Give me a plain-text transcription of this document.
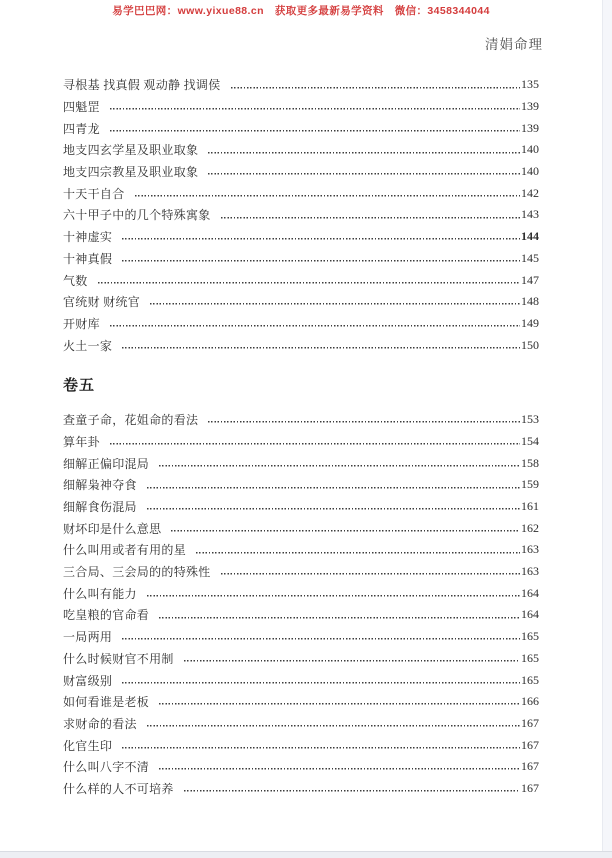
易学巴巴网：www.yixue88.cn　获取更多最新易学资料　微信：3458344044
清娟命理
寻根基 找真假 观动静 找调侯	135
四魁罡	139
四青龙	139
地支四玄学星及职业取象	140
地支四宗教星及职业取象	140
十天干自合	142
六十甲子中的几个特殊寓象	143
十神虚实	144
十神真假	145
气数	147
官统财 财统官	148
开财库	149
火土一家	150
卷五
查童子命，花姐命的看法	153
算年卦	154
细解正偏印混局	158
细解枭神夺食	159
细解食伤混局	161
财坏印是什么意思	162
什么叫用或者有用的星	163
三合局、三会局的的特殊性	163
什么叫有能力	164
吃皇粮的官命看	164
一局两用	165
什么时候财官不用制	165
财富级别	165
如何看谁是老板	166
求财命的看法	167
化官生印	167
什么叫八字不清	167
什么样的人不可培养	167
